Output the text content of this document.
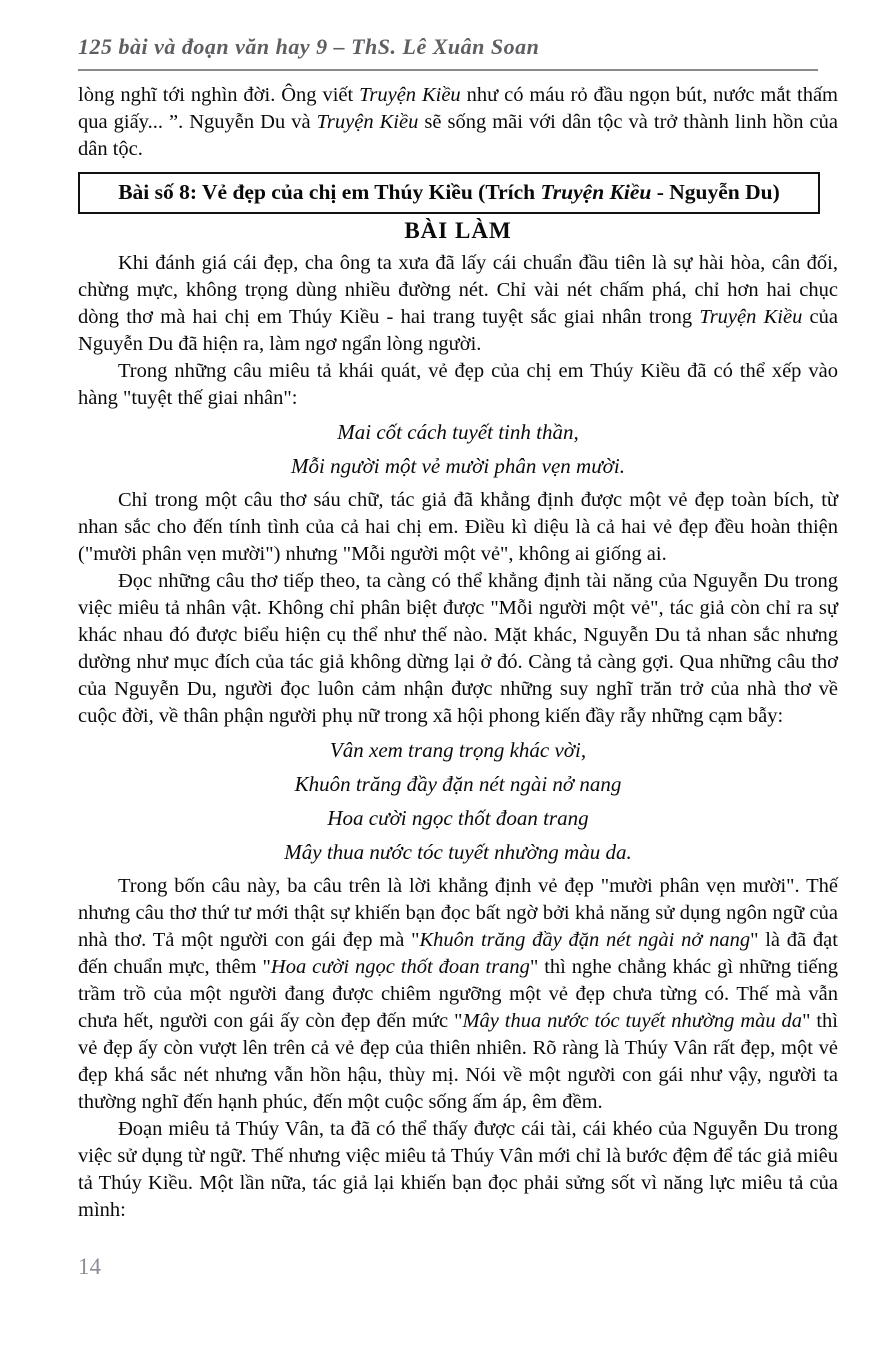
125 bài và đoạn văn hay 9 – ThS. Lê Xuân Soan

lòng nghĩ tới nghìn đời. Ông viết Truyện Kiều như có máu rỏ đầu ngọn bút, nước mắt thấm qua giấy... ”. Nguyễn Du và Truyện Kiều sẽ sống mãi với dân tộc và trở thành linh hồn của dân tộc.

Bài số 8: Vẻ đẹp của chị em Thúy Kiều (Trích Truyện Kiều - Nguyễn Du)
BÀI LÀM

Khi đánh giá cái đẹp, cha ông ta xưa đã lấy cái chuẩn đầu tiên là sự hài hòa, cân đối, chừng mực, không trọng dùng nhiều đường nét. Chỉ vài nét chấm phá, chỉ hơn hai chục dòng thơ mà hai chị em Thúy Kiều - hai trang tuyệt sắc giai nhân trong Truyện Kiều của Nguyễn Du đã hiện ra, làm ngơ ngẩn lòng người.

Trong những câu miêu tả khái quát, vẻ đẹp của chị em Thúy Kiều đã có thể xếp vào hàng "tuyệt thế giai nhân":

Mai cốt cách tuyết tinh thần,
Mỗi người một vẻ mười phân vẹn mười.

Chỉ trong một câu thơ sáu chữ, tác giả đã khẳng định được một vẻ đẹp toàn bích, từ nhan sắc cho đến tính tình của cả hai chị em. Điều kì diệu là cả hai vẻ đẹp đều hoàn thiện ("mười phân vẹn mười") nhưng "Mỗi người một vẻ", không ai giống ai.

Đọc những câu thơ tiếp theo, ta càng có thể khẳng định tài năng của Nguyễn Du trong việc miêu tả nhân vật. Không chỉ phân biệt được "Mỗi người một vẻ", tác giả còn chỉ ra sự khác nhau đó được biểu hiện cụ thể như thế nào. Mặt khác, Nguyễn Du tả nhan sắc nhưng dường như mục đích của tác giả không dừng lại ở đó. Càng tả càng gợi. Qua những câu thơ của Nguyễn Du, người đọc luôn cảm nhận được những suy nghĩ trăn trở của nhà thơ về cuộc đời, về thân phận người phụ nữ trong xã hội phong kiến đầy rẫy những cạm bẫy:

Vân xem trang trọng khác vời,
Khuôn trăng đầy đặn nét ngài nở nang
Hoa cười ngọc thốt đoan trang
Mây thua nước tóc tuyết nhường màu da.

Trong bốn câu này, ba câu trên là lời khẳng định vẻ đẹp "mười phân vẹn mười". Thế nhưng câu thơ thứ tư mới thật sự khiến bạn đọc bất ngờ bởi khả năng sử dụng ngôn ngữ của nhà thơ. Tả một người con gái đẹp mà "Khuôn trăng đầy đặn nét ngài nở nang" là đã đạt đến chuẩn mực, thêm "Hoa cười ngọc thốt đoan trang" thì nghe chẳng khác gì những tiếng trầm trồ của một người đang được chiêm ngưỡng một vẻ đẹp chưa từng có. Thế mà vẫn chưa hết, người con gái ấy còn đẹp đến mức "Mây thua nước tóc tuyết nhường màu da" thì vẻ đẹp ấy còn vượt lên trên cả vẻ đẹp của thiên nhiên. Rõ ràng là Thúy Vân rất đẹp, một vẻ đẹp khá sắc nét nhưng vẫn hồn hậu, thùy mị. Nói về một người con gái như vậy, người ta thường nghĩ đến hạnh phúc, đến một cuộc sống ấm áp, êm đềm.

Đoạn miêu tả Thúy Vân, ta đã có thể thấy được cái tài, cái khéo của Nguyễn Du trong việc sử dụng từ ngữ. Thế nhưng việc miêu tả Thúy Vân mới chỉ là bước đệm để tác giả miêu tả Thúy Kiều. Một lần nữa, tác giả lại khiến bạn đọc phải sửng sốt vì năng lực miêu tả của mình:

14
